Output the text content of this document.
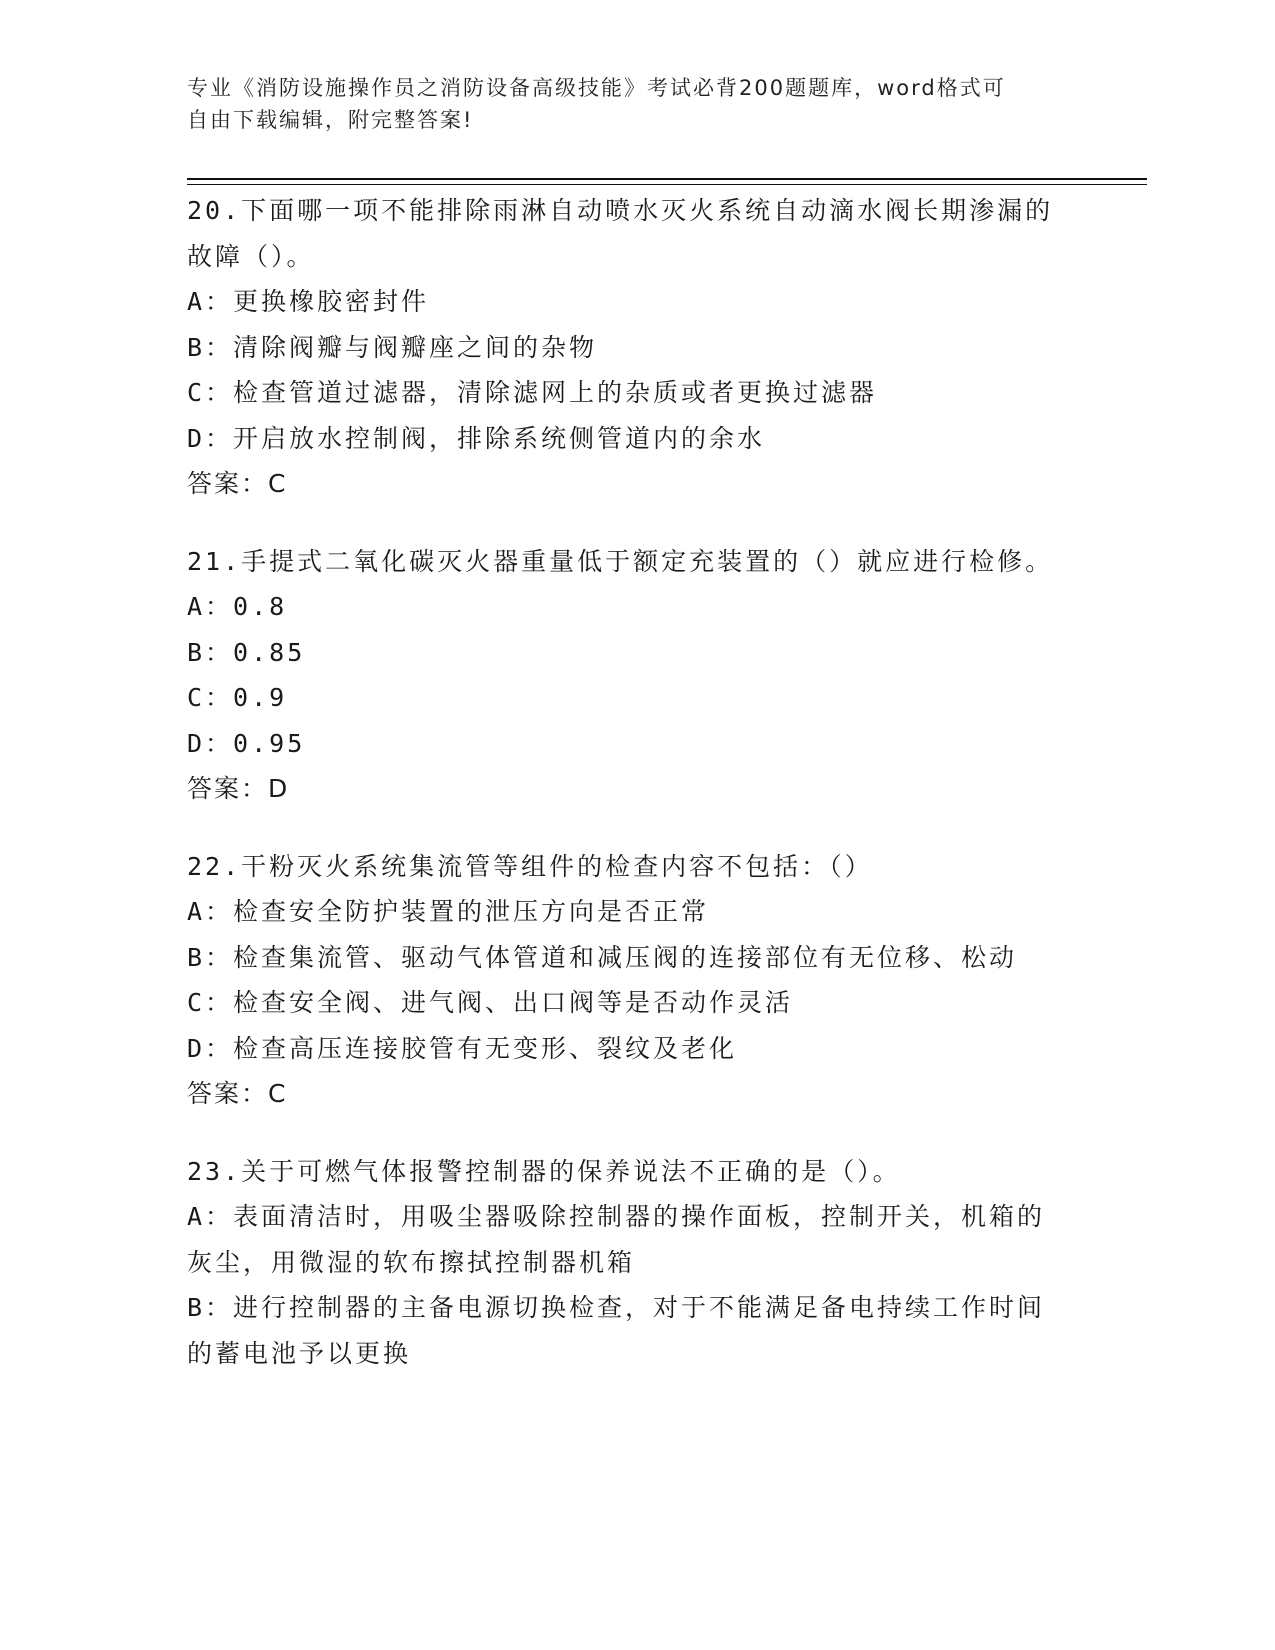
专业《消防设施操作员之消防设备高级技能》考试必背200题题库，word格式可
自由下载编辑，附完整答案!
20.下面哪一项不能排除雨淋自动喷水灭火系统自动滴水阀长期渗漏的
故障（）。
A：更换橡胶密封件
B：清除阀瓣与阀瓣座之间的杂物
C：检查管道过滤器，清除滤网上的杂质或者更换过滤器
D：开启放水控制阀，排除系统侧管道内的余水
答案：C
21.手提式二氧化碳灭火器重量低于额定充装置的（）就应进行检修。
A：0.8
B：0.85
C：0.9
D：0.95
答案：D
22.干粉灭火系统集流管等组件的检查内容不包括：（）
A：检查安全防护装置的泄压方向是否正常
B：检查集流管、驱动气体管道和减压阀的连接部位有无位移、松动
C：检查安全阀、进气阀、出口阀等是否动作灵活
D：检查高压连接胶管有无变形、裂纹及老化
答案：C
23.关于可燃气体报警控制器的保养说法不正确的是（）。
A：表面清洁时，用吸尘器吸除控制器的操作面板，控制开关，机箱的
灰尘，用微湿的软布擦拭控制器机箱
B：进行控制器的主备电源切换检查，对于不能满足备电持续工作时间
的蓄电池予以更换
